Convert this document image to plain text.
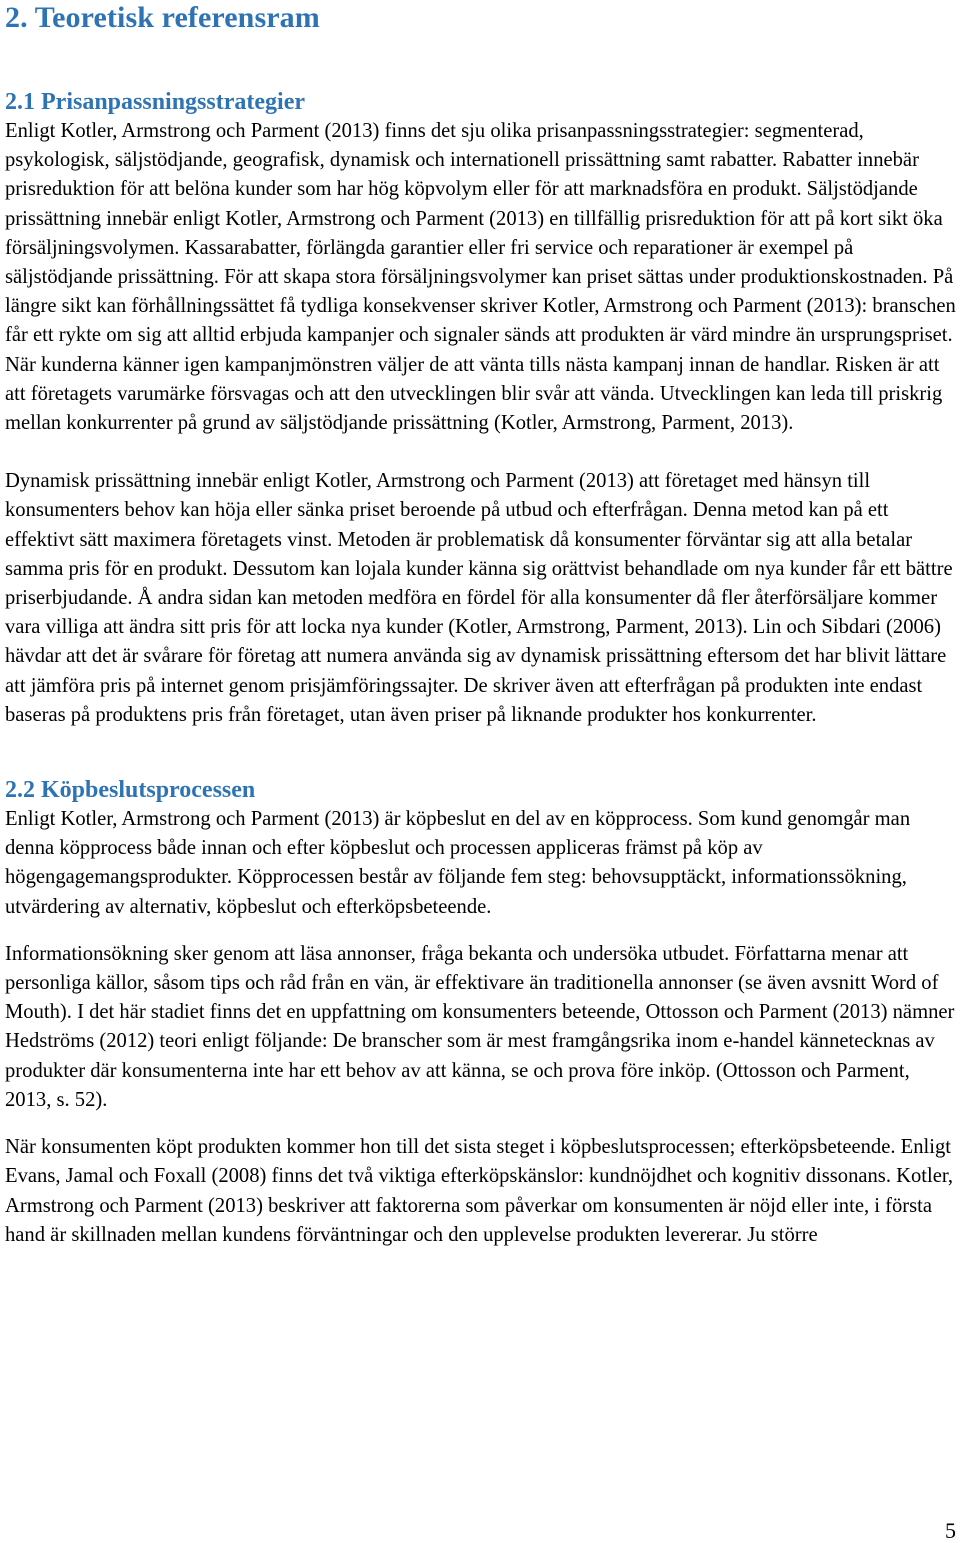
2. Teoretisk referensram
2.1 Prisanpassningsstrategier

Enligt Kotler, Armstrong och Parment (2013) finns det sju olika prisanpassningsstrategier: segmenterad, psykologisk, säljstödjande, geografisk, dynamisk och internationell prissättning samt rabatter. Rabatter innebär prisreduktion för att belöna kunder som har hög köpvolym eller för att marknadsföra en produkt. Säljstödjande prissättning innebär enligt Kotler, Armstrong och Parment (2013) en tillfällig prisreduktion för att på kort sikt öka försäljningsvolymen. Kassarabatter, förlängda garantier eller fri service och reparationer är exempel på säljstödjande prissättning. För att skapa stora försäljningsvolymer kan priset sättas under produktionskostnaden. På längre sikt kan förhållningssättet få tydliga konsekvenser skriver Kotler, Armstrong och Parment (2013): branschen får ett rykte om sig att alltid erbjuda kampanjer och signaler sänds att produkten är värd mindre än ursprungspriset. När kunderna känner igen kampanjmönstren väljer de att vänta tills nästa kampanj innan de handlar. Risken är att att företagets varumärke försvagas och att den utvecklingen blir svår att vända. Utvecklingen kan leda till priskrig mellan konkurrenter på grund av säljstödjande prissättning (Kotler, Armstrong, Parment, 2013).

Dynamisk prissättning innebär enligt Kotler, Armstrong och Parment (2013) att företaget med hänsyn till konsumenters behov kan höja eller sänka priset beroende på utbud och efterfrågan. Denna metod kan på ett effektivt sätt maximera företagets vinst. Metoden är problematisk då konsumenter förväntar sig att alla betalar samma pris för en produkt. Dessutom kan lojala kunder känna sig orättvist behandlade om nya kunder får ett bättre priserbjudande. Å andra sidan kan metoden medföra en fördel för alla konsumenter då fler återförsäljare kommer vara villiga att ändra sitt pris för att locka nya kunder (Kotler, Armstrong, Parment, 2013). Lin och Sibdari (2006) hävdar att det är svårare för företag att numera använda sig av dynamisk prissättning eftersom det har blivit lättare att jämföra pris på internet genom prisjämföringssajter. De skriver även att efterfrågan på produkten inte endast baseras på produktens pris från företaget, utan även priser på liknande produkter hos konkurrenter.

2.2 Köpbeslutsprocessen

Enligt Kotler, Armstrong och Parment (2013) är köpbeslut en del av en köpprocess. Som kund genomgår man denna köpprocess både innan och efter köpbeslut och processen appliceras främst på köp av högengagemangsprodukter. Köpprocessen består av följande fem steg: behovsupptäckt, informationssökning, utvärdering av alternativ, köpbeslut och efterköpsbeteende.

Informationsökning sker genom att läsa annonser, fråga bekanta och undersöka utbudet. Författarna menar att personliga källor, såsom tips och råd från en vän, är effektivare än traditionella annonser (se även avsnitt Word of Mouth). I det här stadiet finns det en uppfattning om konsumenters beteende, Ottosson och Parment (2013) nämner Hedströms (2012) teori enligt följande: De branscher som är mest framgångsrika inom e-handel kännetecknas av produkter där konsumenterna inte har ett behov av att känna, se och prova före inköp. (Ottosson och Parment, 2013, s. 52).

När konsumenten köpt produkten kommer hon till det sista steget i köpbeslutsprocessen; efterköpsbeteende. Enligt Evans, Jamal och Foxall (2008) finns det två viktiga efterköpskänslor: kundnöjdhet och kognitiv dissonans. Kotler, Armstrong och Parment (2013) beskriver att faktorerna som påverkar om konsumenten är nöjd eller inte, i första hand är skillnaden mellan kundens förväntningar och den upplevelse produkten levererar. Ju större

5
